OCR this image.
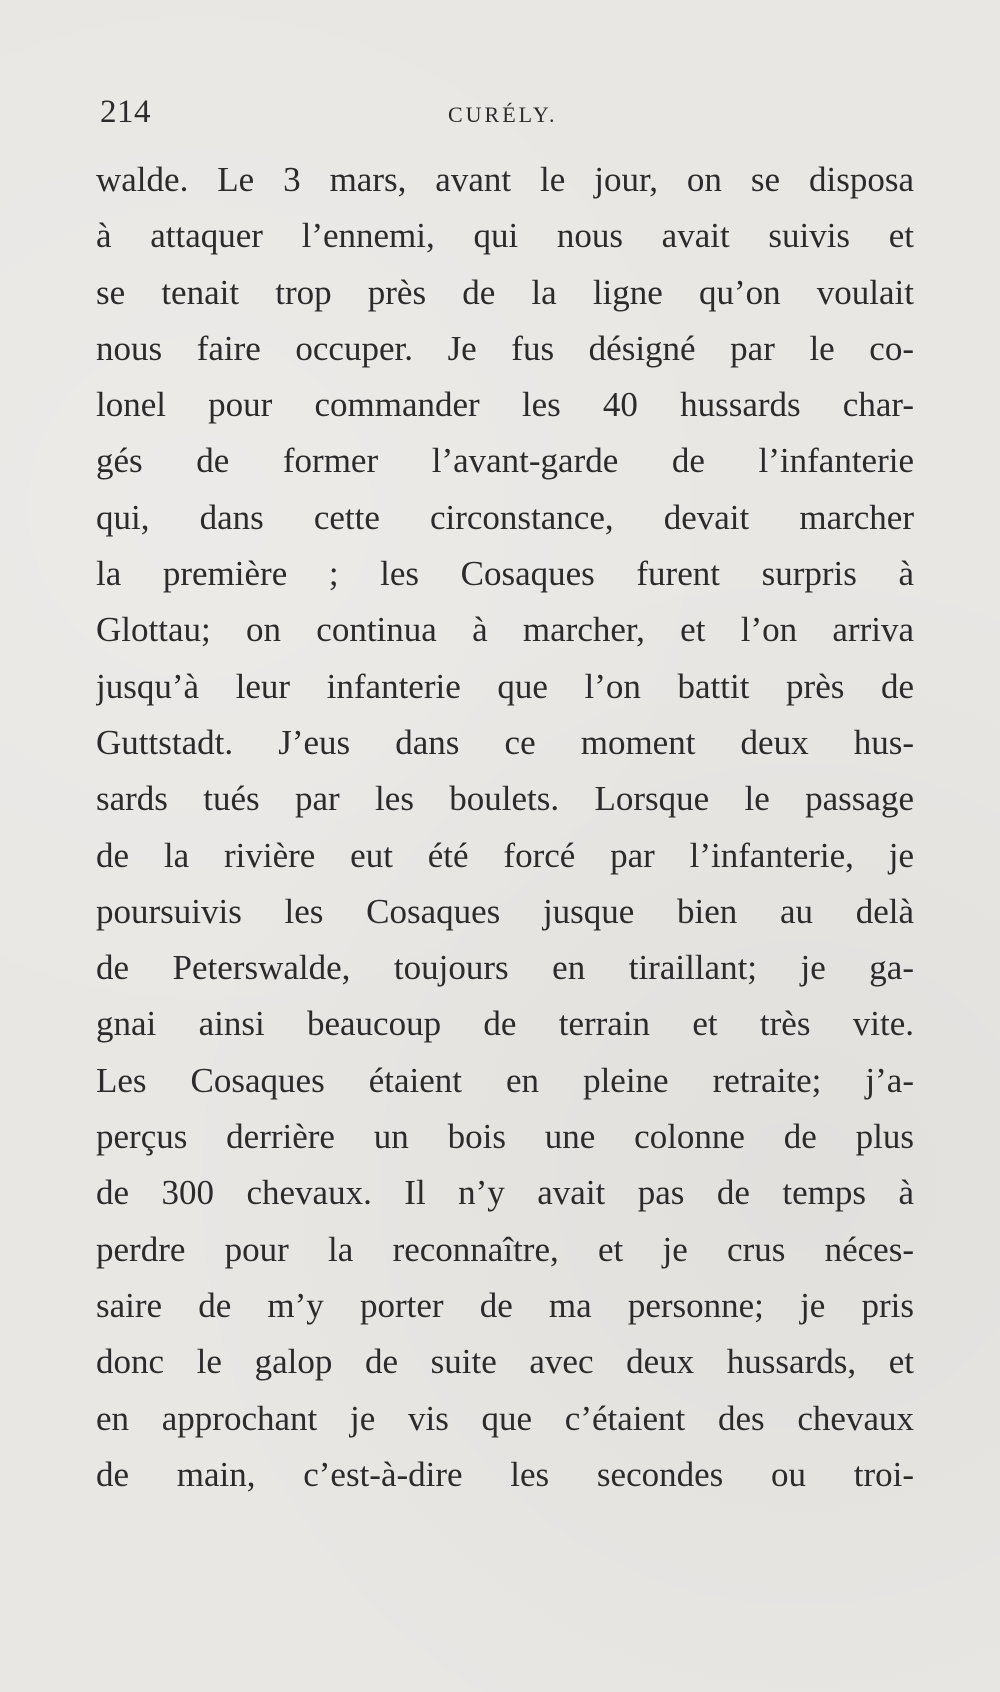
214	CURÉLY.
walde. Le 3 mars, avant le jour, on se disposa
à attaquer l’ennemi, qui nous avait suivis et
se tenait trop près de la ligne qu’on voulait
nous faire occuper. Je fus désigné par le co-
lonel pour commander les 40 hussards char-
gés de former l’avant-garde de l’infanterie
qui, dans cette circonstance, devait marcher
la première ; les Cosaques furent surpris à
Glottau; on continua à marcher, et l’on arriva
jusqu’à leur infanterie que l’on battit près de
Guttstadt. J’eus dans ce moment deux hus-
sards tués par les boulets. Lorsque le passage
de la rivière eut été forcé par l’infanterie, je
poursuivis les Cosaques jusque bien au delà
de Peterswalde, toujours en tiraillant; je ga-
gnai ainsi beaucoup de terrain et très vite.
Les Cosaques étaient en pleine retraite; j’a-
perçus derrière un bois une colonne de plus
de 300 chevaux. Il n’y avait pas de temps à
perdre pour la reconnaître, et je crus néces-
saire de m’y porter de ma personne; je pris
donc le galop de suite avec deux hussards, et
en approchant je vis que c’étaient des chevaux
de main, c’est-à-dire les secondes ou troi-
